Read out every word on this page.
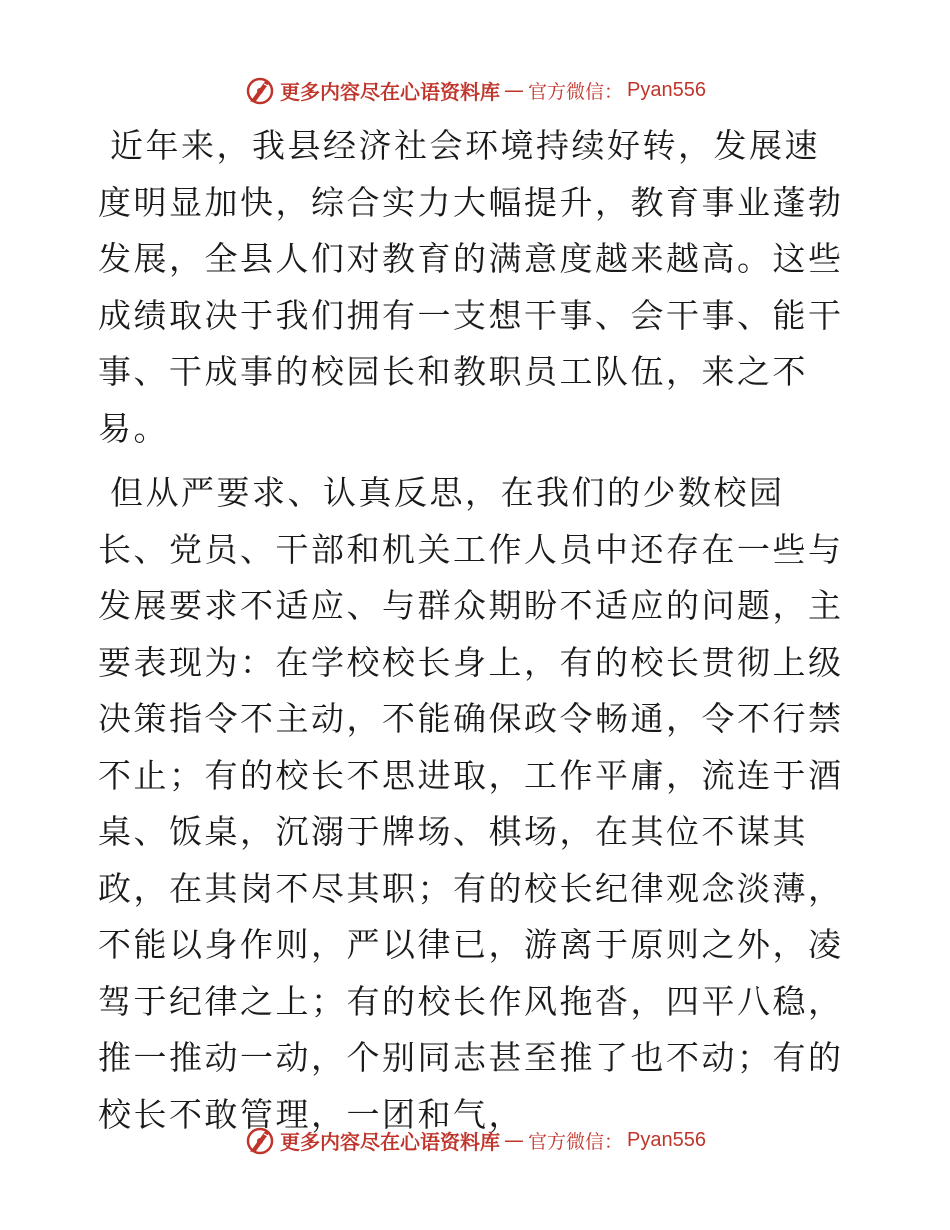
更多内容尽在心语资料库 — 官方微信： Pyan556

近年来，我县经济社会环境持续好转，发展速度明显加快，综合实力大幅提升，教育事业蓬勃发展，全县人们对教育的满意度越来越高。这些成绩取决于我们拥有一支想干事、会干事、能干事、干成事的校园长和教职员工队伍，来之不易。

但从严要求、认真反思，在我们的少数校园长、党员、干部和机关工作人员中还存在一些与发展要求不适应、与群众期盼不适应的问题，主要表现为：在学校校长身上，有的校长贯彻上级决策指令不主动，不能确保政令畅通，令不行禁不止；有的校长不思进取，工作平庸，流连于酒桌、饭桌，沉溺于牌场、棋场，在其位不谋其政，在其岗不尽其职；有的校长纪律观念淡薄，不能以身作则，严以律已，游离于原则之外，凌驾于纪律之上；有的校长作风拖沓，四平八稳，推一推动一动，个别同志甚至推了也不动；有的校长不敢管理，一团和气，

更多内容尽在心语资料库 — 官方微信： Pyan556
